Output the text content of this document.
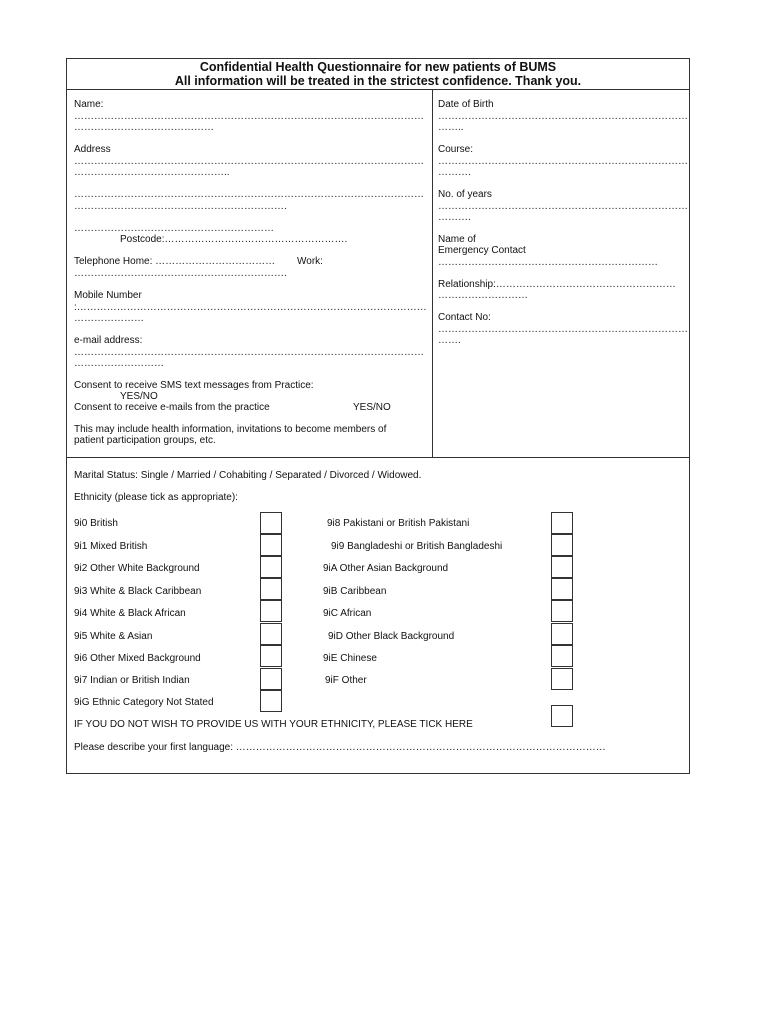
Confidential Health Questionnaire for new patients of BUMS
All information will be treated in the strictest confidence. Thank you.
Name:
……………………………………………………………………………………………
……………………………………
Address
……………………………………………………………………………………………
………………………………………..
……………………………………………………………………………………………
……………………………………………………….
……………………………………………………
Postcode:……………………………………………….
Telephone Home: ……………………………… Work:
……………………………………………………….
Mobile Number
:……………………………………………………………………………………………
…………………
e-mail address:
……………………………………………………………………………………………
………………………
Consent to receive SMS text messages from Practice:
YES/NO
Consent to receive e-mails from the practice	YES/NO
This may include health information, invitations to become members of
patient participation groups, etc.
Date of Birth
…………………………………………………………………
……..
Course:
…………………………………………………………………
……….
No. of years
…………………………………………………………………
……….
Name of
Emergency Contact
…………………………………………………………
Relationship:………………………………………………
………………………
Contact No:
…………………………………………………………………
…….
Marital Status: Single / Married / Cohabiting / Separated / Divorced / Widowed.
Ethnicity (please tick as appropriate):
9i0 British
9i1 Mixed British
9i2 Other White Background
9i3 White & Black Caribbean
9i4 White & Black African
9i5 White & Asian
9i6 Other Mixed Background
9i7 Indian or British Indian
9iG Ethnic Category Not Stated
9i8 Pakistani or British Pakistani
9i9 Bangladeshi or British Bangladeshi
9iA Other Asian Background
9iB Caribbean
9iC African
9iD Other Black Background
9iE Chinese
9iF Other
IF YOU DO NOT WISH TO PROVIDE US WITH YOUR ETHNICITY, PLEASE TICK HERE
Please describe your first language: …………………………………………………………………………………………………
